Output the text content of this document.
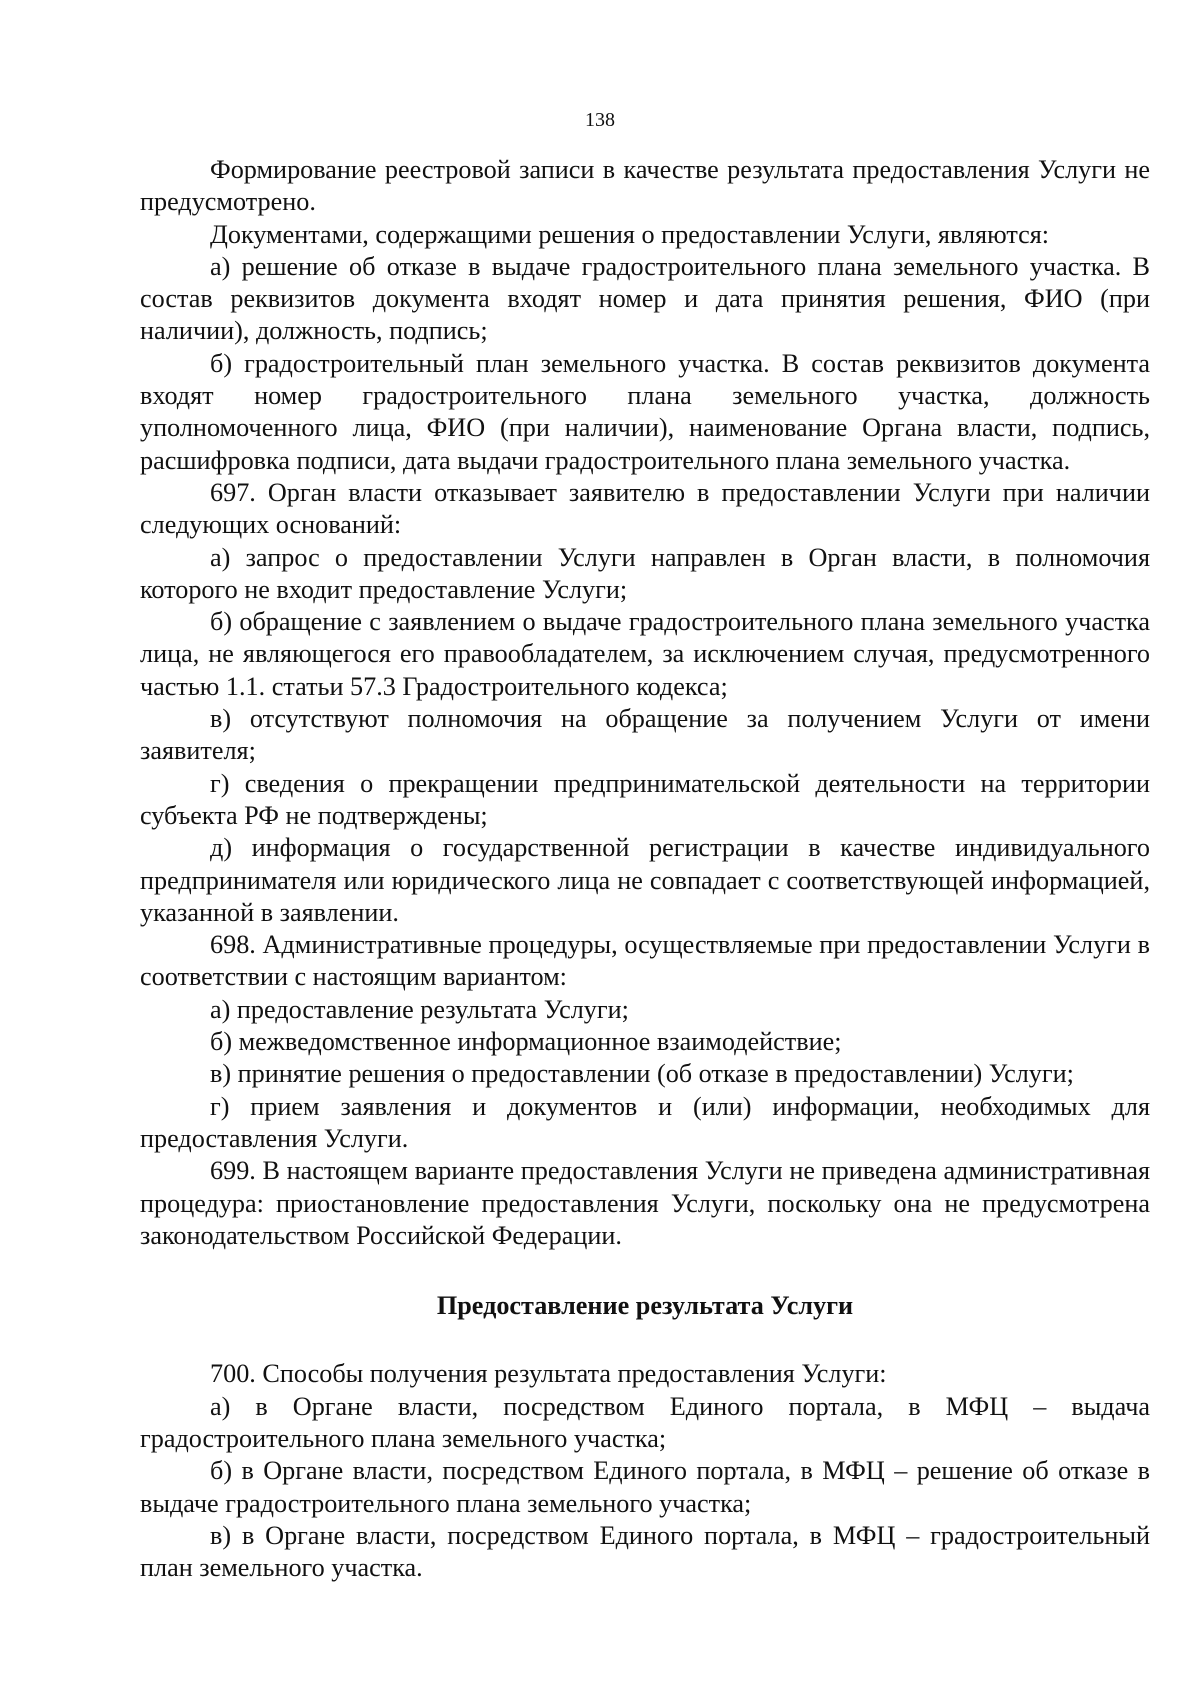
138

Формирование реестровой записи в качестве результата предоставления Услуги не предусмотрено.

Документами, содержащими решения о предоставлении Услуги, являются:

а) решение об отказе в выдаче градостроительного плана земельного участка. В состав реквизитов документа входят номер и дата принятия решения, ФИО (при наличии), должность, подпись;

б) градостроительный план земельного участка. В состав реквизитов документа входят номер градостроительного плана земельного участка, должность уполномоченного лица, ФИО (при наличии), наименование Органа власти, подпись, расшифровка подписи, дата выдачи градостроительного плана земельного участка.

697. Орган власти отказывает заявителю в предоставлении Услуги при наличии следующих оснований:

а) запрос о предоставлении Услуги направлен в Орган власти, в полномочия которого не входит предоставление Услуги;

б) обращение с заявлением о выдаче градостроительного плана земельного участка лица, не являющегося его правообладателем, за исключением случая, предусмотренного частью 1.1. статьи 57.3 Градостроительного кодекса;

в) отсутствуют полномочия на обращение за получением Услуги от имени заявителя;

г) сведения о прекращении предпринимательской деятельности на территории субъекта РФ не подтверждены;

д) информация о государственной регистрации в качестве индивидуального предпринимателя или юридического лица не совпадает с соответствующей информацией, указанной в заявлении.

698. Административные процедуры, осуществляемые при предоставлении Услуги в соответствии с настоящим вариантом:

а) предоставление результата Услуги;

б) межведомственное информационное взаимодействие;

в) принятие решения о предоставлении (об отказе в предоставлении) Услуги;

г) прием заявления и документов и (или) информации, необходимых для предоставления Услуги.

699. В настоящем варианте предоставления Услуги не приведена административная процедура: приостановление предоставления Услуги, поскольку она не предусмотрена законодательством Российской Федерации.

Предоставление результата Услуги

700. Способы получения результата предоставления Услуги:

а) в Органе власти, посредством Единого портала, в МФЦ – выдача градостроительного плана земельного участка;

б) в Органе власти, посредством Единого портала, в МФЦ – решение об отказе в выдаче градостроительного плана земельного участка;

в) в Органе власти, посредством Единого портала, в МФЦ – градостроительный план земельного участка.
